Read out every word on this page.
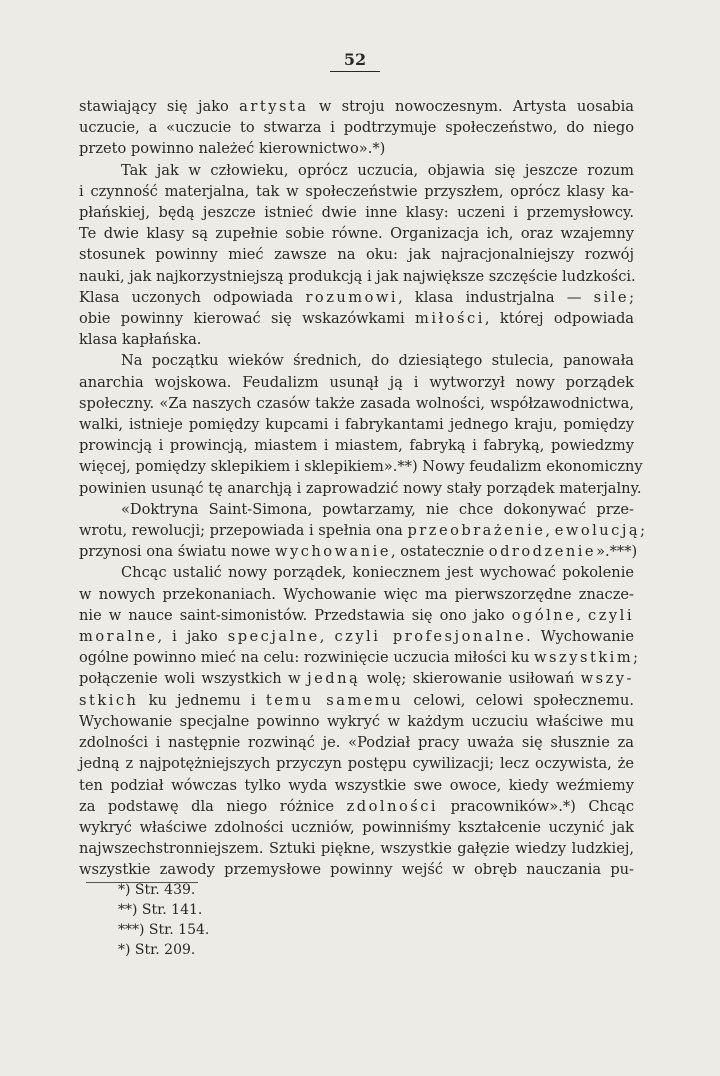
52
stawiający się jako artysta w stroju nowoczesnym. Artysta uosabia
uczucie, a «uczucie to stwarza i podtrzymuje społeczeństwo, do niego
przeto powinno należeć kierownictwo».*)
Tak jak w człowieku, oprócz uczucia, objawia się jeszcze rozum
i czynność materjalna, tak w społeczeństwie przyszłem, oprócz klasy ka-
płańskiej, będą jeszcze istnieć dwie inne klasy: uczeni i przemysłowcy.
Te dwie klasy są zupełnie sobie równe. Organizacja ich, oraz wzajemny
stosunek powinny mieć zawsze na oku: jak najracjonalniejszy rozwój
nauki, jak najkorzystniejszą produkcją i jak największe szczęście ludzkości.
Klasa uczonych odpowiada rozumowi, klasa industrjalna — sile;
obie powinny kierować się wskazówkami miłości, której odpowiada
klasa kapłańska.
Na początku wieków średnich, do dziesiątego stulecia, panowała
anarchia wojskowa. Feudalizm usunął ją i wytworzył nowy porządek
społeczny. «Za naszych czasów także zasada wolności, współzawodnictwa,
walki, istnieje pomiędzy kupcami i fabrykantami jednego kraju, pomiędzy
prowincją i prowincją, miastem i miastem, fabryką i fabryką, powiedzmy
więcej, pomiędzy sklepikiem i sklepikiem».**) Nowy feudalizm ekonomiczny
powinien usunąć tę anarchją i zaprowadzić nowy stały porządek materjalny.
«Doktryna Saint-Simona, powtarzamy, nie chce dokonywać prze-
wrotu, rewolucji; przepowiada i spełnia ona przeobrażenie, ewolucją;
przynosi ona światu nowe wychowanie, ostatecznie odrodzenie».***)
Chcąc ustalić nowy porządek, koniecznem jest wychować pokolenie
w nowych przekonaniach. Wychowanie więc ma pierwszorzędne znacze-
nie w nauce saint-simonistów. Przedstawia się ono jako ogólne, czyli
moralne, i jako specjalne, czyli profesjonalne. Wychowanie
ogólne powinno mieć na celu: rozwinięcie uczucia miłości ku wszystkim;
połączenie woli wszystkich w jedną wolę; skierowanie usiłowań wszy-
stkich ku jednemu i temu samemu celowi, celowi społecznemu.
Wychowanie specjalne powinno wykryć w każdym uczuciu właściwe mu
zdolności i następnie rozwinąć je. «Podział pracy uważa się słusznie za
jedną z najpotężniejszych przyczyn postępu cywilizacji; lecz oczywista, że
ten podział wówczas tylko wyda wszystkie swe owoce, kiedy weźmiemy
za podstawę dla niego różnice zdolności pracowników».*) Chcąc
wykryć właściwe zdolności uczniów, powinniśmy kształcenie uczynić jak
najwszechstronniejszem. Sztuki piękne, wszystkie gałęzie wiedzy ludzkiej,
wszystkie zawody przemysłowe powinny wejść w obręb nauczania pu-
*) Str. 439.
**) Str. 141.
***) Str. 154.
*) Str. 209.
